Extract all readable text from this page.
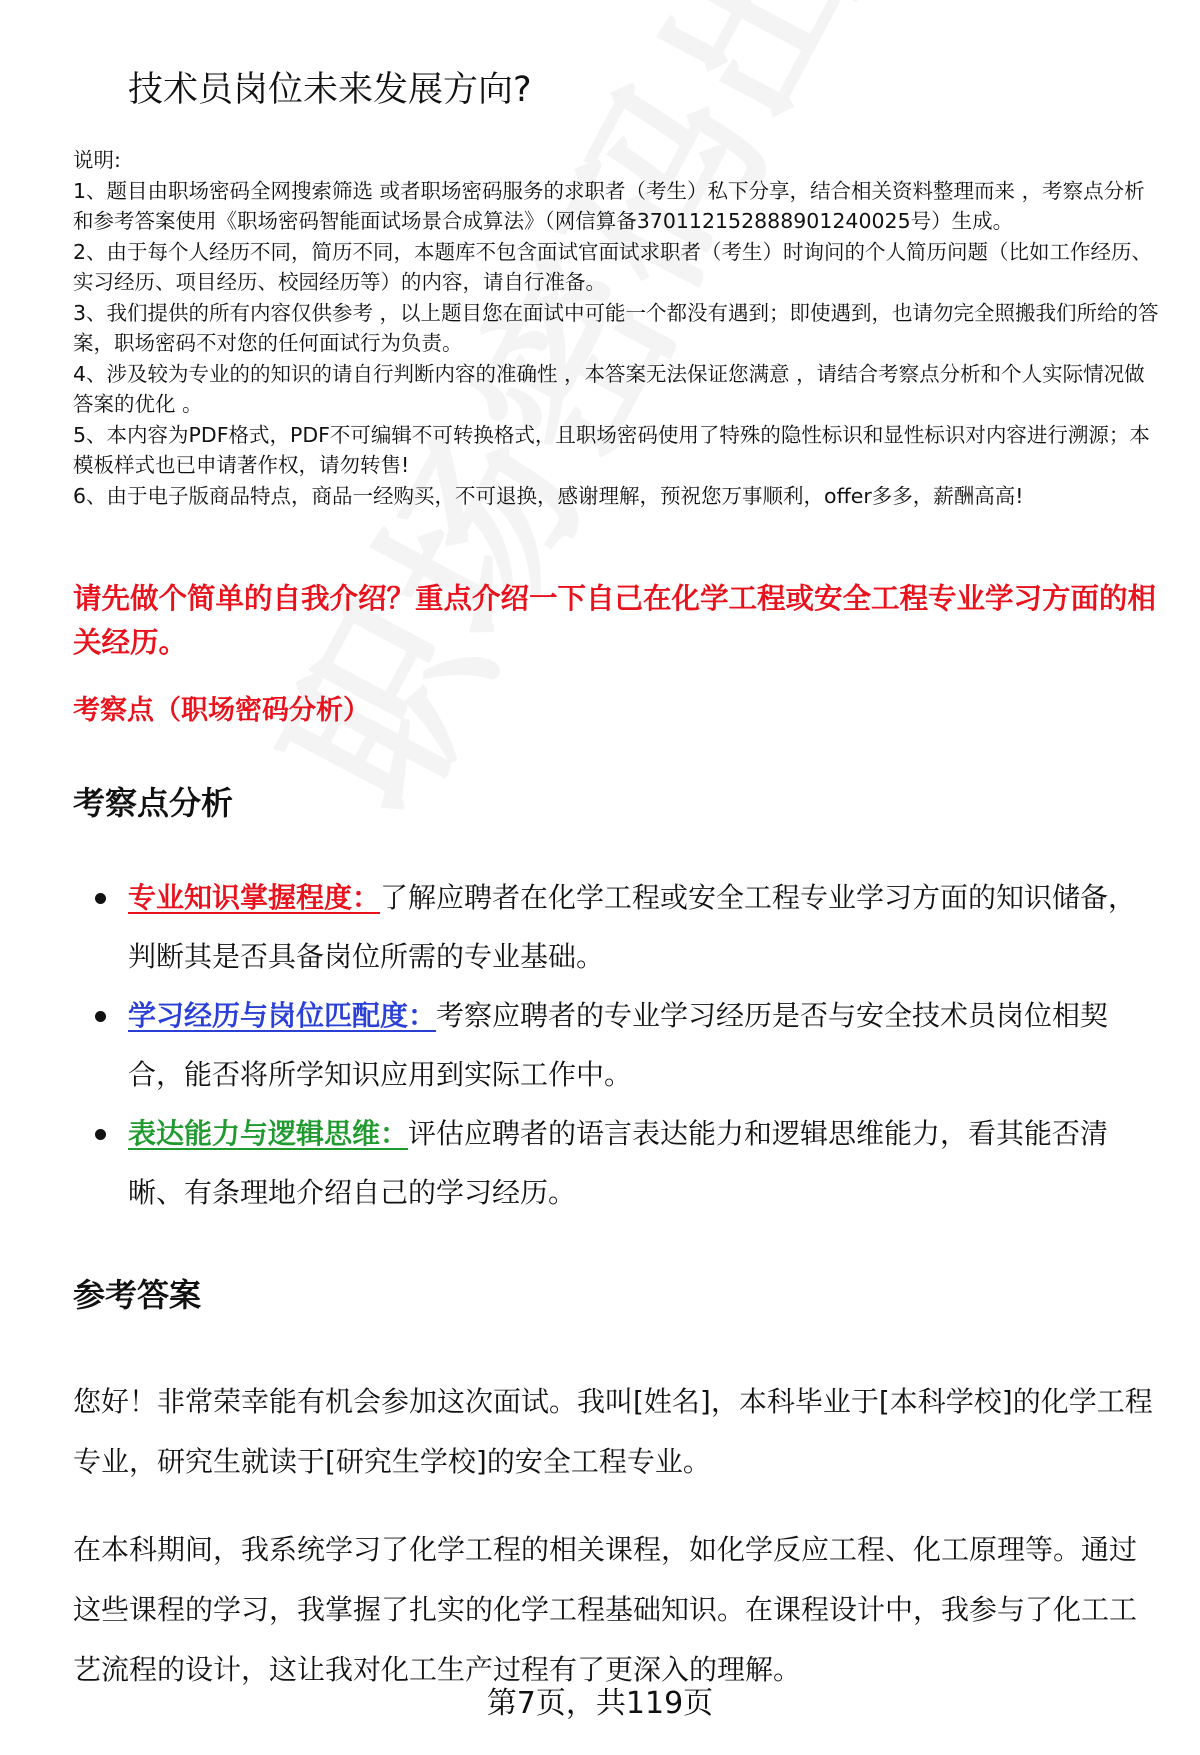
技术员岗位未来发展方向?

说明:

1、题目由职场密码全网搜索筛选 或者职场密码服务的求职者（考生）私下分享，结合相关资料整理而来 ，考察点分析和参考答案使用《职场密码智能面试场景合成算法》（网信算备370112152888901240025号）生成。

2、由于每个人经历不同，简历不同，本题库不包含面试官面试求职者（考生）时询问的个人简历问题（比如工作经历、实习经历、项目经历、校园经历等）的内容，请自行准备。

3、我们提供的所有内容仅供参考 ，以上题目您在面试中可能一个都没有遇到；即使遇到，也请勿完全照搬我们所给的答案，职场密码不对您的任何面试行为负责。

4、涉及较为专业的的知识的请自行判断内容的准确性 ，本答案无法保证您满意 ，请结合考察点分析和个人实际情况做答案的优化 。

5、本内容为PDF格式，PDF不可编辑不可转换格式，且职场密码使用了特殊的隐性标识和显性标识对内容进行溯源；本模板样式也已申请著作权，请勿转售!

6、由于电子版商品特点，商品一经购买，不可退换，感谢理解，预祝您万事顺利，offer多多，薪酬高高!

请先做个简单的自我介绍？重点介绍一下自己在化学工程或安全工程专业学习方面的相关经历。
考察点（职场密码分析）
考察点分析
专业知识掌握程度：了解应聘者在化学工程或安全工程专业学习方面的知识储备，判断其是否具备岗位所需的专业基础。
学习经历与岗位匹配度：考察应聘者的专业学习经历是否与安全技术员岗位相契合，能否将所学知识应用到实际工作中。
表达能力与逻辑思维：评估应聘者的语言表达能力和逻辑思维能力，看其能否清晰、有条理地介绍自己的学习经历。
参考答案

您好！非常荣幸能有机会参加这次面试。我叫[姓名]，本科毕业于[本科学校]的化学工程专业，研究生就读于[研究生学校]的安全工程专业。

在本科期间，我系统学习了化学工程的相关课程，如化学反应工程、化工原理等。通过这些课程的学习，我掌握了扎实的化学工程基础知识。在课程设计中，我参与了化工工艺流程的设计，这让我对化工生产过程有了更深入的理解。

第7页，共119页
